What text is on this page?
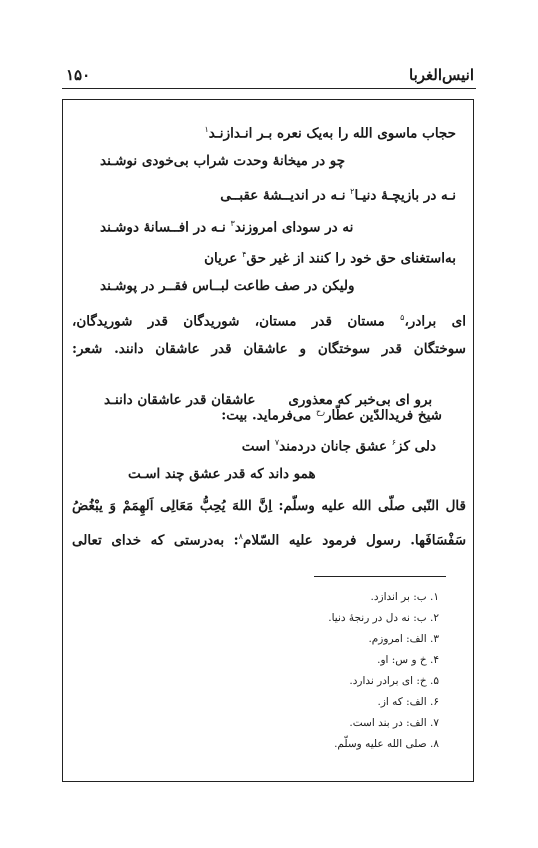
انیس‌الغربا
۱۵۰
حجاب ماسوی الله را به‌یک نعره بـر انـدازنـد$^۱$
چو در میخانهٔ وحدت شراب بی‌خودی نوشـند
نـه در بازیچـهٔ دنیـا$^۲$ نـه در اندیــشهٔ عقبــی
نه در سودای امروزند$^۳$ نـه در افــسانهٔ دوشـند
به‌استغنای حق خود را کنند از غیر حق$^۴$ عریان
ولیکن در صف طاعت لبــاس فقــر در پوشـند
ای برادر،$^۵$ مستان قدر مستان، شوریدگان قدر شوریدگان،
سوختگان قدر سوختگان و عاشقان قدر عاشقان دانند. شعر:

برو ای بی‌خبر که معذوری       عاشقان قدر عاشقان داننـد

شیخ فریدالدّین عطّار$^{رح}$ می‌فرماید. بیت:
دلی کز$^۶$ عشق جانان دردمند$^۷$ است
همو داند که قدر عشق چند اسـت
قال النّبی صلّی الله علیه وسلّم: اِنَّ اللهَ یُحِبُّ مَعَالِی اَلهِمَمْ وَ یبْغُضُ
سَفْسَافَها. رسول فرمود علیه السّلام$^۸$: به‌درستی که خدای تعالی
۱. ب: بر اندازد.
۲. ب: نه دل در رنجهٔ دنیا.
۳. الف: امروزم.
۴. خ و س: او.
۵. خ: ای برادر ندارد.
۶. الف: که از.
۷. الف: در بند است.
۸. صلی الله علیه وسلّم.
